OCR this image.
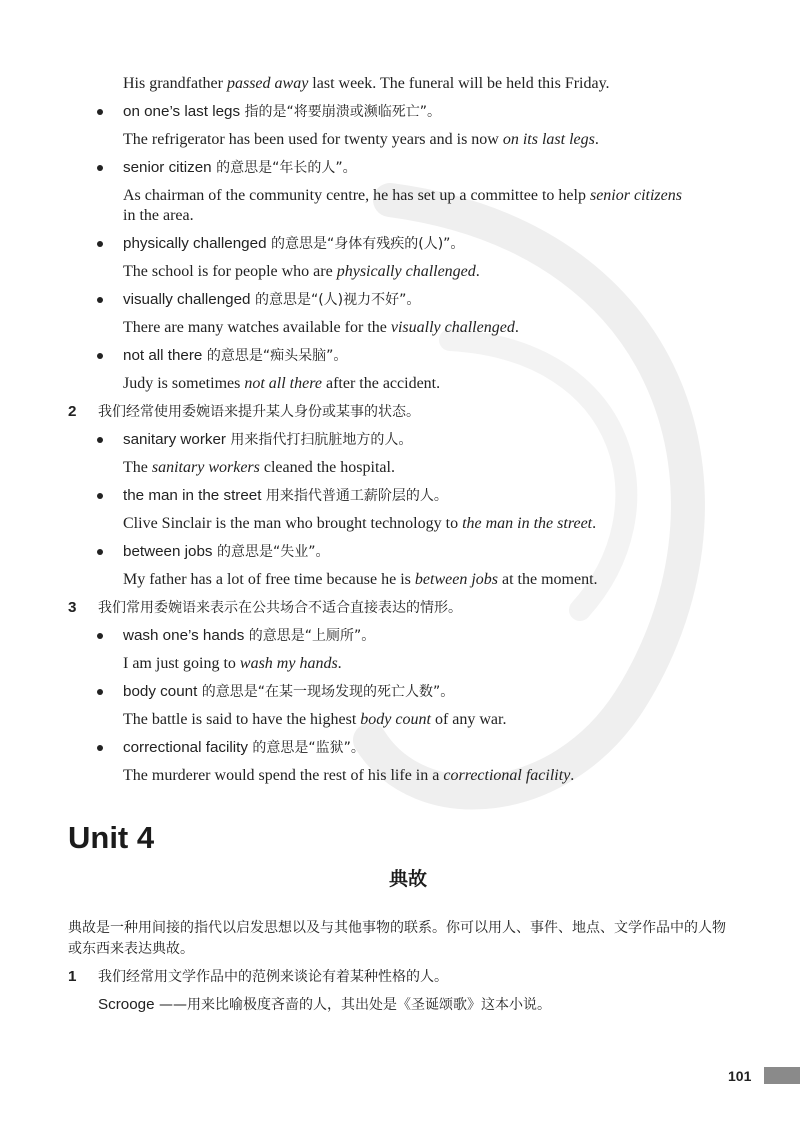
His grandfather passed away last week. The funeral will be held this Friday.
on one’s last legs 指的是“将要崩溃或濒临死亡”。
The refrigerator has been used for twenty years and is now on its last legs.
senior citizen 的意思是“年长的人”。
As chairman of the community centre, he has set up a committee to help senior citizens in the area.
physically challenged 的意思是“身体有残疾的(人)”。
The school is for people who are physically challenged.
visually challenged 的意思是“(人)视力不好”。
There are many watches available for the visually challenged.
not all there 的意思是“痴头呆脑”。
Judy is sometimes not all there after the accident.
2 我们经常使用委婉语来提升某人身份或某事的状态。
sanitary worker 用来指代打扫肮脏地方的人。
The sanitary workers cleaned the hospital.
the man in the street 用来指代普通工薪阶层的人。
Clive Sinclair is the man who brought technology to the man in the street.
between jobs 的意思是“失业”。
My father has a lot of free time because he is between jobs at the moment.
3 我们常用委婉语来表示在公共场合不适合直接表达的情形。
wash one’s hands 的意思是“上厕所”。
I am just going to wash my hands.
body count 的意思是“在某一现场发现的死亡人数”。
The battle is said to have the highest body count of any war.
correctional facility 的意思是“监狱”。
The murderer would spend the rest of his life in a correctional facility.
Unit 4
典故
典故是一种用间接的指代以启发思想以及与其他事物的联系。你可以用人、事件、地点、文学作品中的人物或东西来表达典故。
1 我们经常用文学作品中的范例来谈论有着某种性格的人。
Scrooge ——用来比喻极度吝啬的人，其出处是《圣诞颂歌》这本小说。
101
